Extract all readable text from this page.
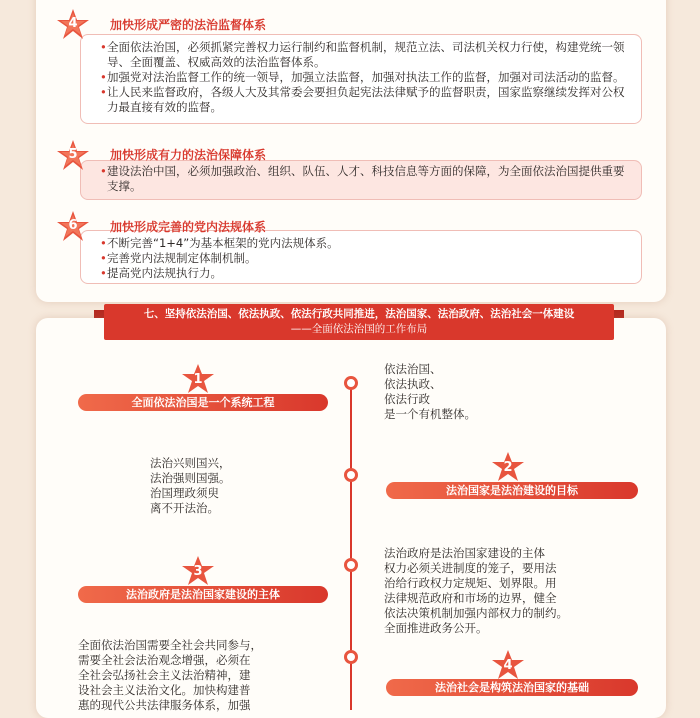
4	加快形成严密的法治监督体系
• 全面依法治国，必须抓紧完善权力运行制约和监督机制，规范立法、司法机关权力行使，构建党统一领导、全面覆盖、权威高效的法治监督体系。
• 加强党对法治监督工作的统一领导，加强立法监督，加强对执法工作的监督，加强对司法活动的监督。
• 让人民来监督政府，各级人大及其常委会要担负起宪法法律赋予的监督职责，国家监察继续发挥对公权力最直接有效的监督。
5	加快形成有力的法治保障体系
• 建设法治中国，必须加强政治、组织、队伍、人才、科技信息等方面的保障，为全面依法治国提供重要支撑。
6	加快形成完善的党内法规体系
• 不断完善“1+4”为基本框架的党内法规体系。
• 完善党内法规制定体制机制。
• 提高党内法规执行力。
七、坚持依法治国、依法执政、依法行政共同推进，法治国家、法治政府、法治社会一体建设
——全面依法治国的工作布局
1
全面依法治国是一个系统工程
依法治国、
依法执政、
依法行政
是一个有机整体。
2
法治国家是法治建设的目标
法治兴则国兴，
法治强则国强。
治国理政须臾
离不开法治。
3
法治政府是法治国家建设的主体
法治政府是法治国家建设的主体
权力必须关进制度的笼子，要用法
治给行政权力定规矩、划界限。用
法律规范政府和市场的边界，健全
依法决策机制加强内部权力的制约。
全面推进政务公开。
4
法治社会是构筑法治国家的基础
全面依法治国需要全社会共同参与，
需要全社会法治观念增强，必须在
全社会弘扬社会主义法治精神，建
设社会主义法治文化。加快构建普
惠的现代公共法律服务体系，加强
